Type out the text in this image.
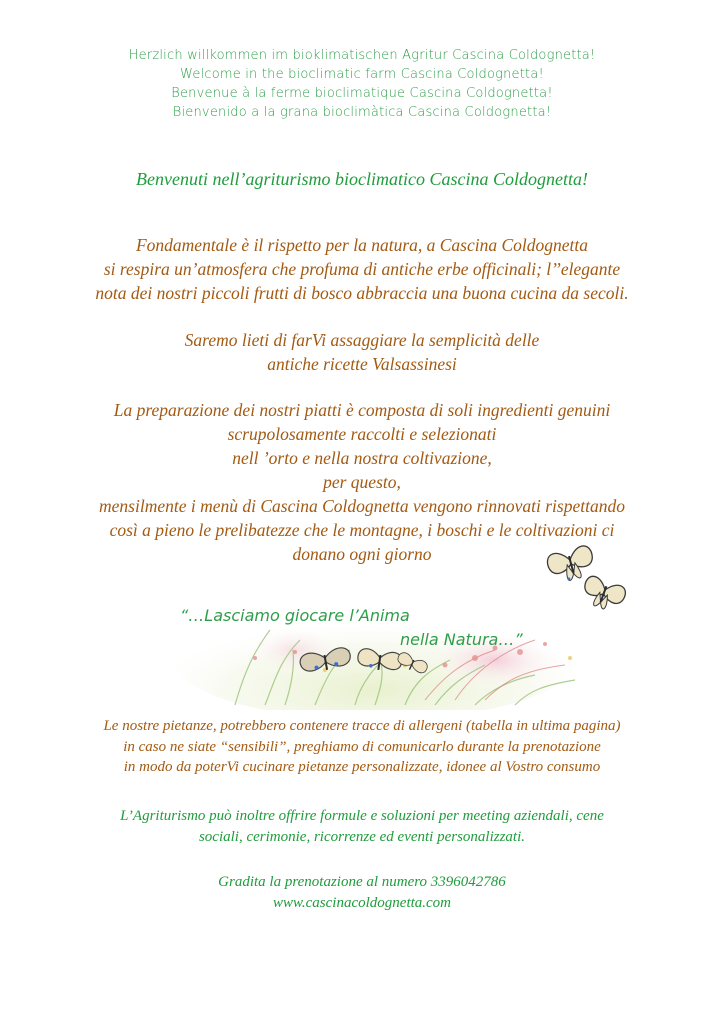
Herzlich willkommen im bioklimatischen Agritur Cascina Coldognetta!
Welcome in the bioclimatic farm Cascina Coldognetta!
Benvenue à la ferme bioclimatique Cascina Coldognetta!
Bienvenido a la grana bioclimàtica Cascina Coldognetta!
Benvenuti nell’agriturismo bioclimatico Cascina Coldognetta!
Fondamentale è il rispetto per la natura, a Cascina Coldognetta
si respira un’atmosfera che profuma di antiche erbe officinali; l’’elegante
nota dei nostri piccoli frutti di bosco abbraccia una buona cucina da secoli.
Saremo lieti di farVi assaggiare la semplicità delle
antiche ricette Valsassinesi
La preparazione dei nostri piatti è composta di soli ingredienti genuini
scrupolosamente raccolti e selezionati
nell ’orto e nella nostra coltivazione,
per questo,
mensilmente i menù di Cascina Coldognetta vengono rinnovati rispettando
così a pieno le prelibatezze che le montagne, i boschi e le coltivazioni ci
donano ogni giorno
“…Lasciamo giocare l’Anima
nella Natura…”
Le nostre pietanze, potrebbero contenere tracce di allergeni (tabella in ultima pagina)
in caso ne siate “sensibili”, preghiamo di comunicarlo durante la prenotazione
in modo da poterVi cucinare pietanze personalizzate, idonee al Vostro consumo
L’Agriturismo può inoltre offrire formule e soluzioni per meeting aziendali, cene
sociali, cerimonie, ricorrenze ed eventi personalizzati.
Gradita la prenotazione al numero 3396042786
www.cascinacoldognetta.com
